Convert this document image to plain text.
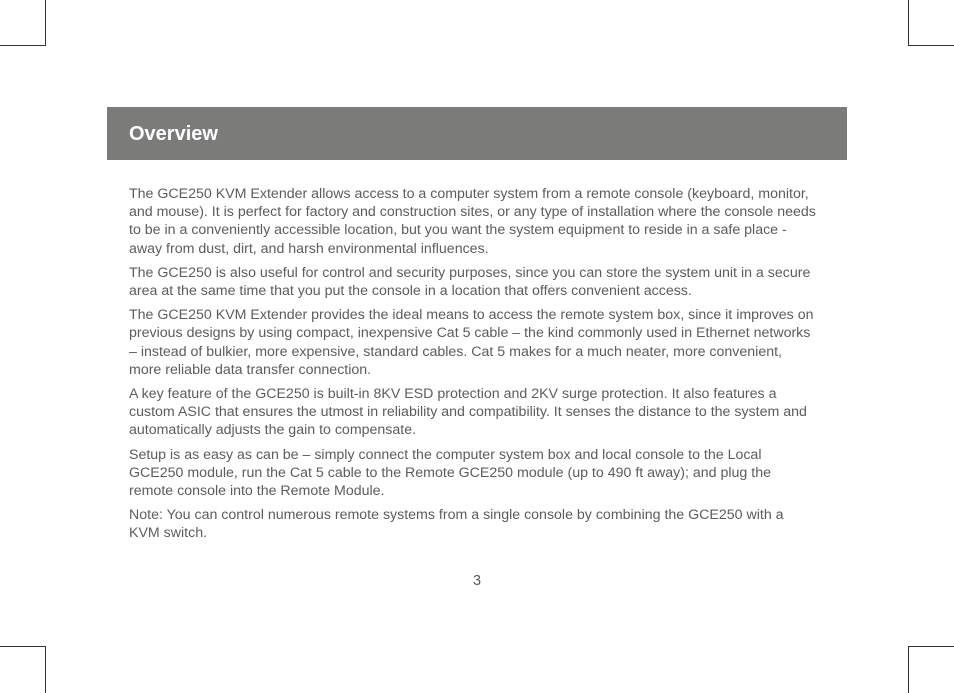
Overview

The GCE250 KVM Extender allows access to a computer system from a remote console (keyboard, monitor, and mouse). It is perfect for factory and construction sites, or any type of installation where the console needs to be in a conveniently accessible location, but you want the system equipment to reside in a safe place - away from dust, dirt, and harsh environmental influences.

The GCE250 is also useful for control and security purposes, since you can store the system unit in a secure area at the same time that you put the console in a location that offers convenient access.

The GCE250 KVM Extender provides the ideal means to access the remote system box, since it improves on previous designs by using compact, inexpensive Cat 5 cable – the kind commonly used in Ethernet networks – instead of bulkier, more expensive, standard cables. Cat 5 makes for a much neater, more convenient, more reliable data transfer connection.

A key feature of the GCE250 is built-in 8KV ESD protection and 2KV surge protection. It also features a custom ASIC that ensures the utmost in reliability and compatibility. It senses the distance to the system and automatically adjusts the gain to compensate.

Setup is as easy as can be – simply connect the computer system box and local console to the Local GCE250 module, run the Cat 5 cable to the Remote GCE250 module (up to 490 ft away); and plug the remote console into the Remote Module.

Note: You can control numerous remote systems from a single console by combining the GCE250 with a KVM switch.

3
